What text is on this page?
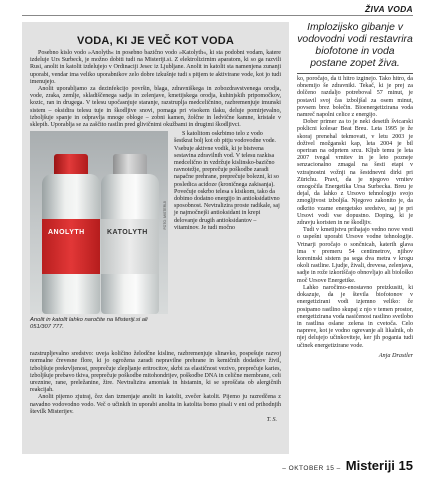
ŽIVA VODA
VODA, KI JE VEČ KOT VODA

Posebno kislo vodo »Anolyth« in posebno bazično vodo »Katolyth«, ki sta podobni vodam, katere izdeluje Urs Surbeck, je možno dobiti tudi na Misteriji.si. Z elektrolizirnim aparatom, ki so ga razvili Rusi, anolit in katolit izdelujejo v Ordinaciji Jesec iz Ljubljane. Anolit in katolit sta namenjena zunanji uporabi, vendar ima veliko uporabnikov zelo dobre izkušnje tudi s pitjem te aktivirane vode, kot jo tudi imenujejo.

Anolit uporabljamo za dezinfekcijo površin, blaga, zdravniškega in zobozdravstvenega orodja, vode, zraka, zemlje, skladiščenega sadja in zelenjave, kmetijskega orodja, kuhinjskih pripomočkov, kozic, ran in drugega. V telesu upočasnjuje staranje, razstruplja medceličnino, razbremenjuje imunski sistem – oksidira telesu tuje in škodljive snovi, pomaga pri visokem tlaku, deluje pomirjevalno, izboljšuje spanje in odpravlja mnoge obloge – zobni kamen, žolčne in ledvične kamne, kristale v sklepih. Uporablja se za zaščito rastlin pred glivičnimi okužbami in drugimi škodljivci.

ANOLYTH	KATOLYTH
FOTO: MISTERIJI
Anolit in katolit lahko naročite na Misteriji.si ali 051/307 777.

S katolitom oskrbimo telo z vodo šestkrat bolj kot ob pitju vodovodne vode. Vsebuje aktivne vodik, ki je bistvena sestavina zdravilnih vod. V telesu razkisa medcelično in vzdržuje kislinsko-bazično ravnotežje, preprečuje poškodbe zaradi napačne prehrane, preprečuje bolezni, ki so posledica acidoze (kroničnega zakisanja). Povečuje oskrbo telesa s kisikom, tako da dobimo dodatno energijo in antioksidativno sposobnost. Nevtralizira proste radikale, saj je najmočnejši antioksidant in krepi delovanje drugih antioksidantov – vitaminov. Je tudi močno

razstrupljevalno sredstvo: uveja količino želodčne kisline, razbremenjuje slinavko, pospešuje razvoj normalne črevesne flore, ki jo ogrožena zaradi nepravilne prehrane in kemičnih dodatkov živil, izboljšuje prekrvljenost, preprečuje zlepljanje eritrocitov, skrbi za elastičnost vezivo, preprečuje karies, izboljšuje prebavo tkiva, preprečuje poškodbe mitohondrijev, poškodbe DNA in celične membrane, celi ureznine, rane, preležanine, žire. Nevtralizira amoniak in histamin, ki se sproščata ob alergičnih reakcijah.

Anolit pijemo zjutraj, čez dan izmenjaje anolit in katolit, zvečer katolit. Pijemo ju razredčena z navadno vodovodno vodo. Več o učinkih in uporabi anolita in katolita bomo pisali v eni od prihodnjih številk Misterijev.

T. S.
Implozijsko gibanje v vodovodni vodi restavrira biofotone in voda postane zopet živa.

ko, poročajo, da ti hitro izginejo. Tako hitro, da obnemijo še zdravniki. Tekač, ki je prej za dolčeno razdaljo potreboval 57 minut, je postavil svoj čas izboljšal za osem minut, povsem brez bolečin. Bioenergetizirana voda namreč napolni celice z energijo.

Dober primer za to je neki desetih švicarski poklicni kolesar Beat Breu. Leta 1995 je že skoraj prenehal tekmovati, v letu 2003 je doživel možganski kap, leta 2004 je bil operiran na odprtem srcu. Kljub temu je leta 2007 tvegal vrnitev in je leto pozneje senzacionalno zmagal na šesti etapi v vztrajnostni vožnji na šestdnevni dirki pri Zürichu. Pravi, da je njegovo vrnitev omogočila Energetika Ursa Surbecka. Breu je dejal, da lahko z Ursovo tehnologijo svojo zmogljivost izboljša. Njegovo zakonito je, da odkrito vzame energetsko sredstvo, saj je pri Ursovi vodi vse dopustno. Doping, ki je zdravju koristen in ne škodljiv.

Tudi v kmetijstvu prihajajo vedno nove vesti o uspešni uporabi Ursove vodne tehnologije. Vrtnarji poročajo o sončnicah, katerih glava ima v premeru 54 centimetrov, njihov koreninski sistem pa sega dva metra v krogu okoli rastline. Ljudje, živali, drevesa, zelenjava, sadje in rože izkoriščajo obnovljajo ali biološko moč Ursove Energetike.

Lahko naročimo-enostavno preizkusiti, ki dokazuje, da je števila biofotonov v energetizirani vodi izjemno veliko: če posipamo rastlino skupaj z njo v temen prostor, energetizirana voda nasičenost rastlino svetlobo in rastlina oslane zelena in cvetoča. Celo napreve, kot je vodno ogrevanje ali likalnik, ob njej delujejo učinkoviteje, ker jih pogania tudi učinek energetizirane vode.

Anja Drastler
– OKTOBER 15 – Misteriji 15
